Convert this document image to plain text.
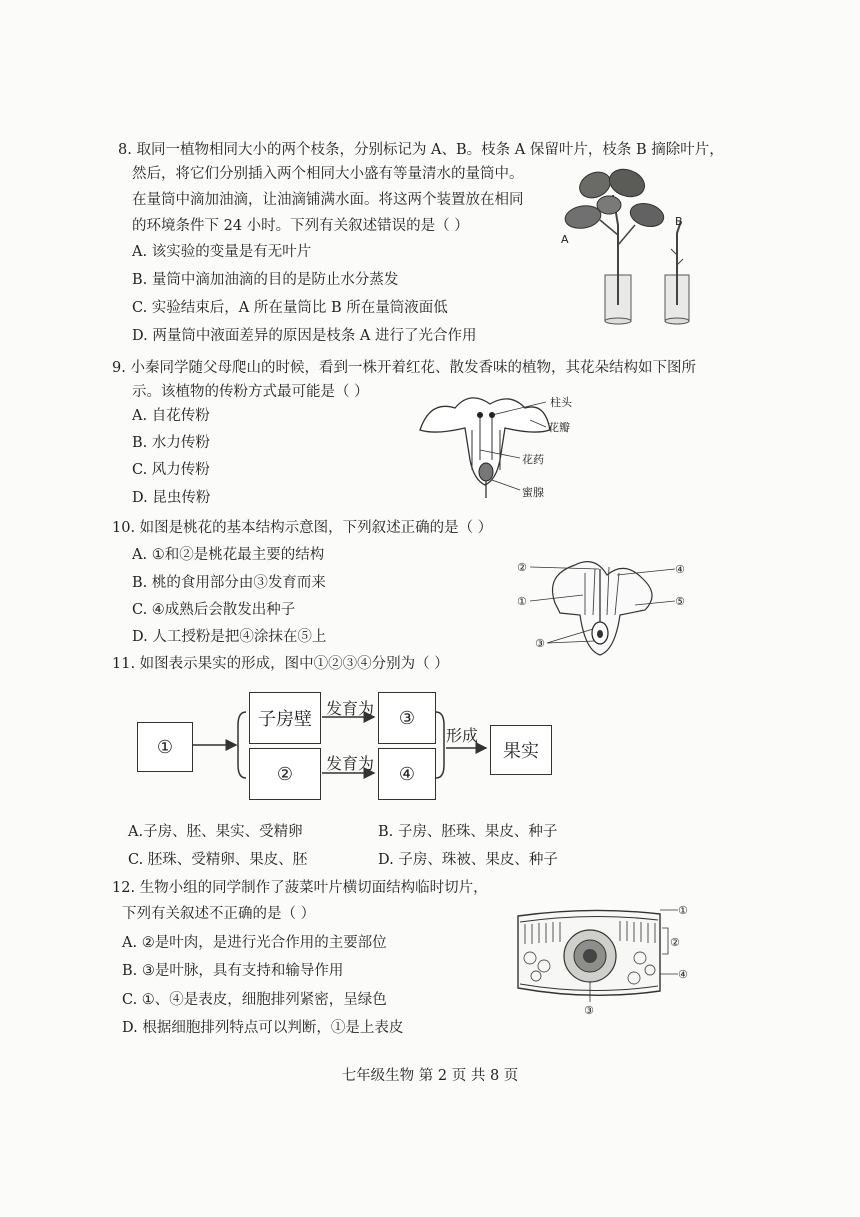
8. 取同一植物相同大小的两个枝条，分别标记为 A、B。枝条 A 保留叶片，枝条 B 摘除叶片，
然后，将它们分别插入两个相同大小盛有等量清水的量筒中。
在量筒中滴加油滴，让油滴铺满水面。将这两个装置放在相同
的环境条件下 24 小时。下列有关叙述错误的是（ ）
A. 该实验的变量是有无叶片
B. 量筒中滴加油滴的目的是防止水分蒸发
C. 实验结束后，A 所在量筒比 B 所在量筒液面低
D. 两量筒中液面差异的原因是枝条 A 进行了光合作用
A
B
9. 小秦同学随父母爬山的时候，看到一株开着红花、散发香味的植物，其花朵结构如下图所
示。该植物的传粉方式最可能是（ ）
A. 自花传粉
B. 水力传粉
C. 风力传粉
D. 昆虫传粉
柱头
花瓣
花药
蜜腺
10. 如图是桃花的基本结构示意图，下列叙述正确的是（ ）
A. ①和②是桃花最主要的结构
B. 桃的食用部分由③发育而来
C. ④成熟后会散发出种子
D. 人工授粉是把④涂抹在⑤上
②	④
①	⑤
③
11. 如图表示果实的形成，图中①②③④分别为（ ）
①
子房壁
②
③
④
果实
发育为
发育为
形成
A.子房、胚、果实、受精卵	B. 子房、胚珠、果皮、种子
C. 胚珠、受精卵、果皮、胚	D. 子房、珠被、果皮、种子
12. 生物小组的同学制作了菠菜叶片横切面结构临时切片，
下列有关叙述不正确的是（ ）
A. ②是叶肉，是进行光合作用的主要部位
B. ③是叶脉，具有支持和输导作用
C. ①、④是表皮，细胞排列紧密，呈绿色
D. 根据细胞排列特点可以判断，①是上表皮
①
②
④
③
七年级生物 第 2 页 共 8 页
